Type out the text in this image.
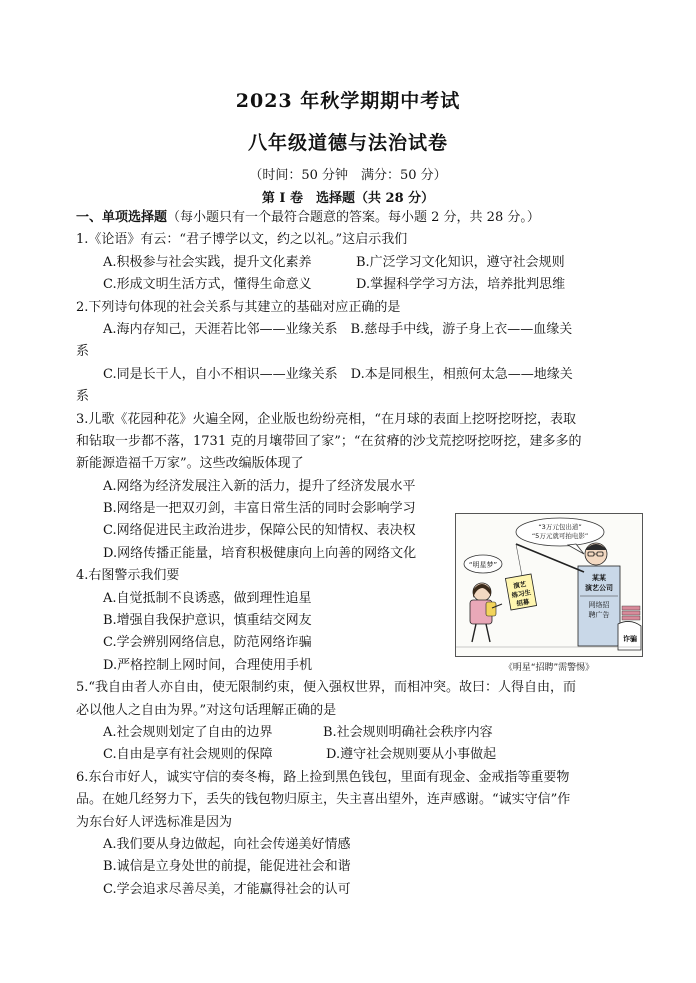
2023 年秋学期期中考试
八年级道德与法治试卷
（时间：50 分钟　满分：50 分）
第 I 卷　选择题（共 28 分）
一、单项选择题（每小题只有一个最符合题意的答案。每小题 2 分，共 28 分。）
1.《论语》有云：“君子博学以文，约之以礼。”这启示我们
A.积极参与社会实践，提升文化素养	B.广泛学习文化知识，遵守社会规则
C.形成文明生活方式，懂得生命意义	D.掌握科学学习方法，培养批判思维
2.下列诗句体现的社会关系与其建立的基础对应正确的是
A.海内存知己，天涯若比邻——业缘关系　B.慈母手中线，游子身上衣——血缘关
系
C.同是长干人，自小不相识——业缘关系　D.本是同根生，相煎何太急——地缘关
系
3.儿歌《花园种花》火遍全网，企业版也纷纷亮相，“在月球的表面上挖呀挖呀挖，表取
和钻取一步都不落，1731 克的月壤带回了家”；“在贫瘠的沙戈荒挖呀挖呀挖，建多多的
新能源造福千万家”。这些改编版体现了
A.网络为经济发展注入新的活力，提升了经济发展水平
B.网络是一把双刃剑，丰富日常生活的同时会影响学习
C.网络促进民主政治进步，保障公民的知情权、表决权
D.网络传播正能量，培育积极健康向上向善的网络文化
4.右图警示我们要
A.自觉抵制不良诱惑，做到理性追星
B.增强自我保护意识，慎重结交网友
C.学会辨别网络信息，防范网络诈骗
D.严格控制上网时间，合理使用手机
5.“我自由者人亦自由，使无限制约束，便入强权世界，而相冲突。故曰：人得自由，而
必以他人之自由为界。”对这句话理解正确的是
A.社会规则划定了自由的边界	B.社会规则明确社会秩序内容
C.自由是享有社会规则的保障	D.遵守社会规则要从小事做起
6.东台市好人，诚实守信的奏冬梅，路上捡到黑色钱包，里面有现金、金戒指等重要物
品。在她几经努力下，丢失的钱包物归原主，失主喜出望外，连声感谢。“诚实守信”作
为东台好人评选标准是因为
A.我们要从身边做起，向社会传递美好情感
B.诚信是立身处世的前提，能促进社会和谐
C.学会追求尽善尽美，才能赢得社会的认可
“3万元包出道”
“5万元就可拍电影”
某某
演艺公司
网络招
聘广告
演艺
练习生
招募
“明星梦”
诈骗
《明星“招聘”需警惕》
